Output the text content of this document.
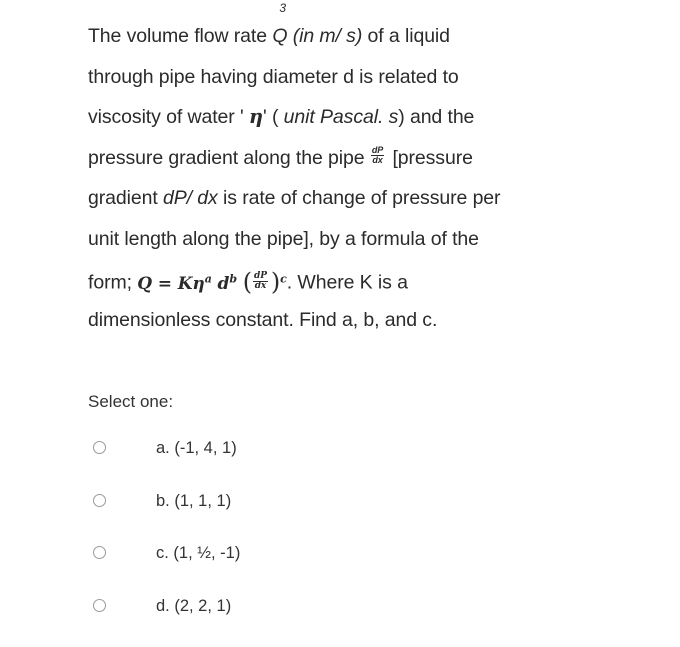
The volume flow rate Q (in m
3
/ s) of a liquid
through pipe having diameter d is related to
viscosity of water ' η' ( unit Pascal. s) and the
pressure gradient along the pipe $\frac{dP}{dx}$ [pressure
gradient dP/ dx is rate of change of pressure per
unit length along the pipe], by a formula of the
form; $Q = K\eta^a$ $d^b$ ( $\frac{dP}{dx} )^c$. Where K is a
dimensionless constant. Find a, b, and c.
Select one:
a. (-1, 4, 1)
b. (1, 1, 1)
c. (1, ½, -1)
d. (2, 2, 1)
